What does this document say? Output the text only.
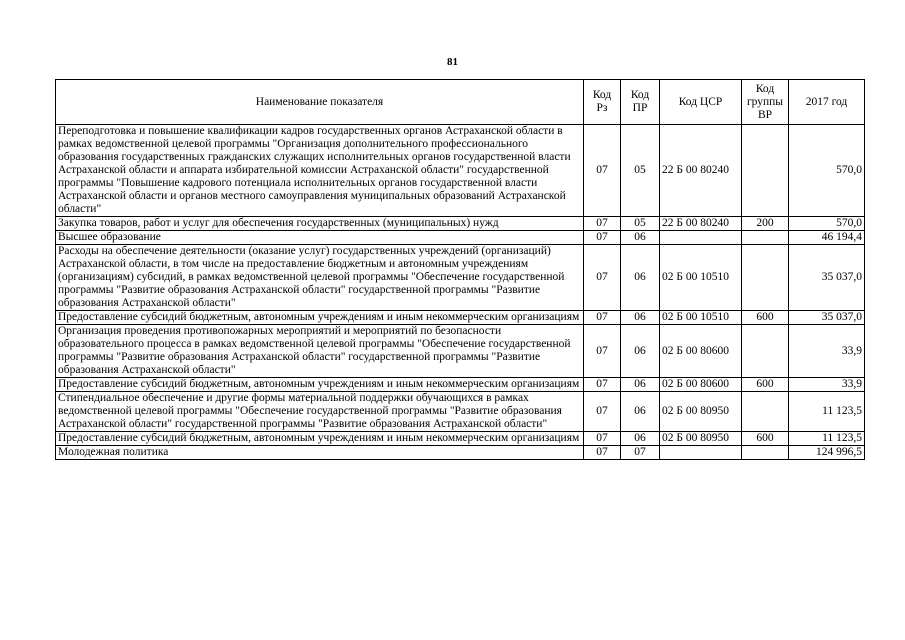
81
Наименование показателя	Код Рз	Код ПР	Код ЦСР	Код группы ВР	2017 год
Переподготовка и повышение квалификации кадров государственных органов Астраханской области в рамках ведомственной целевой программы "Организация дополнительного профессионального образования государственных гражданских служащих исполнительных органов государственной власти Астраханской области и аппарата избирательной комиссии Астраханской области" государственной программы "Повышение кадрового потенциала исполнительных органов государственной власти Астраханской области и органов местного самоуправления муниципальных образований Астраханской области"	07	05	22 Б 00 80240		570,0
Закупка товаров, работ и услуг для обеспечения государственных (муниципальных) нужд	07	05	22 Б 00 80240	200	570,0
Высшее образование	07	06			46 194,4
Расходы на обеспечение деятельности (оказание услуг) государственных учреждений (организаций) Астраханской области, в том числе на предоставление бюджетным и автономным учреждениям (организациям) субсидий, в рамках ведомственной целевой программы "Обеспечение государственной программы "Развитие образования Астраханской области" государственной программы "Развитие образования Астраханской области"	07	06	02 Б 00 10510		35 037,0
Предоставление субсидий бюджетным, автономным учреждениям и иным некоммерческим организациям	07	06	02 Б 00 10510	600	35 037,0
Организация проведения противопожарных мероприятий и мероприятий по безопасности образовательного процесса в рамках ведомственной целевой программы "Обеспечение государственной программы "Развитие образования Астраханской области" государственной программы "Развитие образования Астраханской области"	07	06	02 Б 00 80600		33,9
Предоставление субсидий бюджетным, автономным учреждениям и иным некоммерческим организациям	07	06	02 Б 00 80600	600	33,9
Стипендиальное обеспечение и другие формы материальной поддержки обучающихся в рамках ведомственной целевой программы "Обеспечение государственной программы "Развитие образования Астраханской области" государственной программы "Развитие образования Астраханской области"	07	06	02 Б 00 80950		11 123,5
Предоставление субсидий бюджетным, автономным учреждениям и иным некоммерческим организациям	07	06	02 Б 00 80950	600	11 123,5
Молодежная политика	07	07			124 996,5
